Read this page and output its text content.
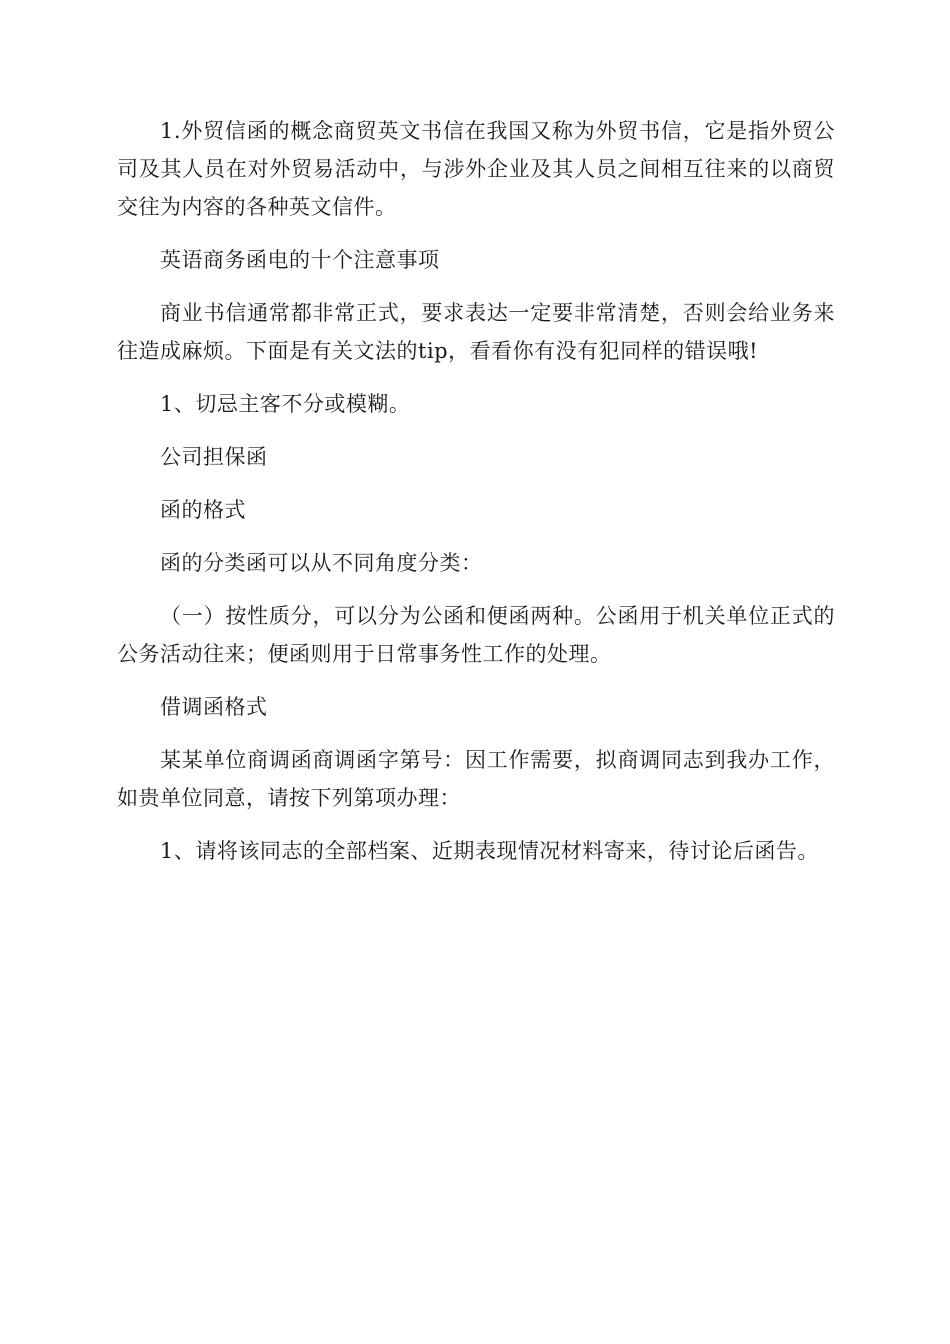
1.外贸信函的概念商贸英文书信在我国又称为外贸书信，它是指外贸公司及其人员在对外贸易活动中，与涉外企业及其人员之间相互往来的以商贸交往为内容的各种英文信件。

英语商务函电的十个注意事项

商业书信通常都非常正式，要求表达一定要非常清楚，否则会给业务来往造成麻烦。下面是有关文法的tip，看看你有没有犯同样的错误哦!

1、切忌主客不分或模糊。

公司担保函

函的格式

函的分类函可以从不同角度分类：

（一）按性质分，可以分为公函和便函两种。公函用于机关单位正式的公务活动往来；便函则用于日常事务性工作的处理。

借调函格式

某某单位商调函商调函字第号：因工作需要，拟商调同志到我办工作，如贵单位同意，请按下列第项办理：

1、请将该同志的全部档案、近期表现情况材料寄来，待讨论后函告。
